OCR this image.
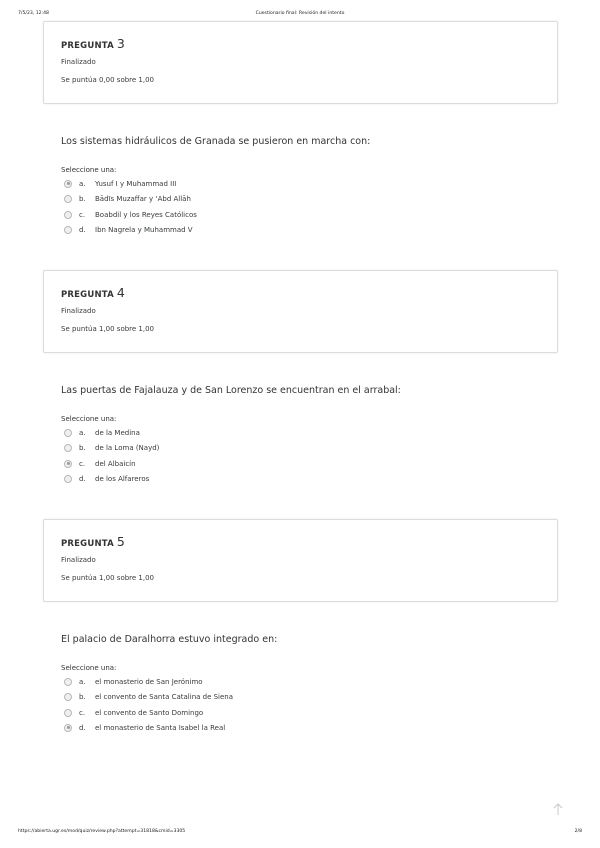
7/5/23, 12:48	Cuestionario final: Revisión del intento
PREGUNTA 3
Finalizado
Se puntúa 0,00 sobre 1,00
Los sistemas hidráulicos de Granada se pusieron en marcha con:
Seleccione una:
a.	Yusuf I y Muhammad III
b.	Bādīs Muzaffar y ‘Abd Allāh
c.	Boabdil y los Reyes Católicos
d.	Ibn Nagrela y Muhammad V
PREGUNTA 4
Finalizado
Se puntúa 1,00 sobre 1,00
Las puertas de Fajalauza y de San Lorenzo se encuentran en el arrabal:
Seleccione una:
a.	de la Medina
b.	de la Loma (Nayd)
c.	del Albaicín
d.	de los Alfareros
PREGUNTA 5
Finalizado
Se puntúa 1,00 sobre 1,00
El palacio de Daralhorra estuvo integrado en:
Seleccione una:
a.	el monasterio de San Jerónimo
b.	el convento de Santa Catalina de Siena
c.	el convento de Santo Domingo
d.	el monasterio de Santa Isabel la Real
https://abierta.ugr.es/mod/quiz/review.php?attempt=31818&cmid=3305	2/8
